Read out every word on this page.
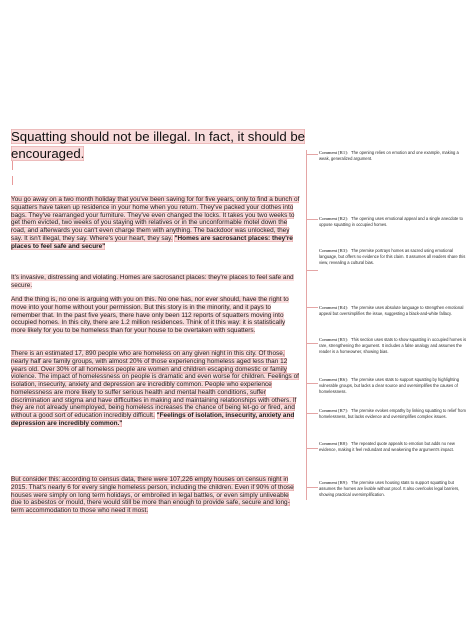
Squatting should not be illegal. In fact, it should be encouraged.

You go away on a two month holiday that you've been saving for for five years, only to find a bunch of squatters have taken up residence in your home when you return. They've packed your clothes into bags. They've rearranged your furniture. They've even changed the locks. It takes you two weeks to get them evicted, two weeks of you staying with relatives or in the unconformable motel down the road, and afterwards you can't even charge them with anything. The backdoor was unlocked, they say. It isn't illegal, they say. Where's your heart, they say. "Homes are sacrosanct places: they're places to feel safe and secure"

It's invasive, distressing and violating. Homes are sacrosanct places: they're places to feel safe and secure.

And the thing is, no one is arguing with you on this. No one has, nor ever should, have the right to move into your home without your permission. But this story is in the minority, and it pays to remember that. In the past five years, there have only been 112 reports of squatters moving into occupied homes. In this city, there are 1.2 million residences. Think of it this way: it is statistically more likely for you to be homeless than for your house to be overtaken with squatters.

There is an estimated 17, 890 people who are homeless on any given night in this city. Of those, nearly half are family groups, with almost 20% of those experiencing homeless aged less than 12 years old. Over 30% of all homeless people are women and children escaping domestic or family violence. The impact of homelessness on people is dramatic and even worse for children. Feelings of isolation, insecurity, anxiety and depression are incredibly common. People who experience homelessness are more likely to suffer serious health and mental health conditions, suffer discrimination and stigma and have difficulties in making and maintaining relationships with others. If they are not already unemployed, being homeless increases the chance of being let-go or fired, and without a good sort of education incredibly difficult. "Feelings of isolation, insecurity, anxiety and depression are incredibly common."

But consider this: according to census data, there were 107,226 empty houses on census night in 2015. That's nearly 6 for every single homeless person, including the children. Even if 90% of those houses were simply on long term holidays, or embroiled in legal battles, or even simply unliveable due to asbestos or mould, there would still be more than enough to provide safe, secure and long-term accommodation to those who need it most.

Comment [R1]: The opening relies on emotion and one example, making a weak, generalized argument.
Comment [R2]: The opening uses emotional appeal and a single anecdote to oppose squatting in occupied homes.
Comment [R3]: The premise portrays homes as sacred using emotional language, but offers no evidence for this claim. It assumes all readers share this view, revealing a cultural bias.
Comment [R4]: The premise uses absolute language to strengthen emotional appeal but oversimplifies the issue, suggesting a black-and-white fallacy.
Comment [R5]: This section uses stats to show squatting in occupied homes is rare, strengthening the argument. It includes a false analogy and assumes the reader is a homeowner, showing bias.
Comment [R6]: The premise uses stats to support squatting by highlighting vulnerable groups, but lacks a clear source and oversimplifies the causes of homelessness.
Comment [R7]: The premise evokes empathy by linking squatting to relief from homelessness, but lacks evidence and oversimplifies complex issues.
Comment [R8]: The repeated quote appeals to emotion but adds no new evidence, making it feel redundant and weakening the argument's impact.
Comment [R9]: The premise uses housing stats to support squatting but assumes the homes are livable without proof. It also overlooks legal barriers, showing practical oversimplification.
